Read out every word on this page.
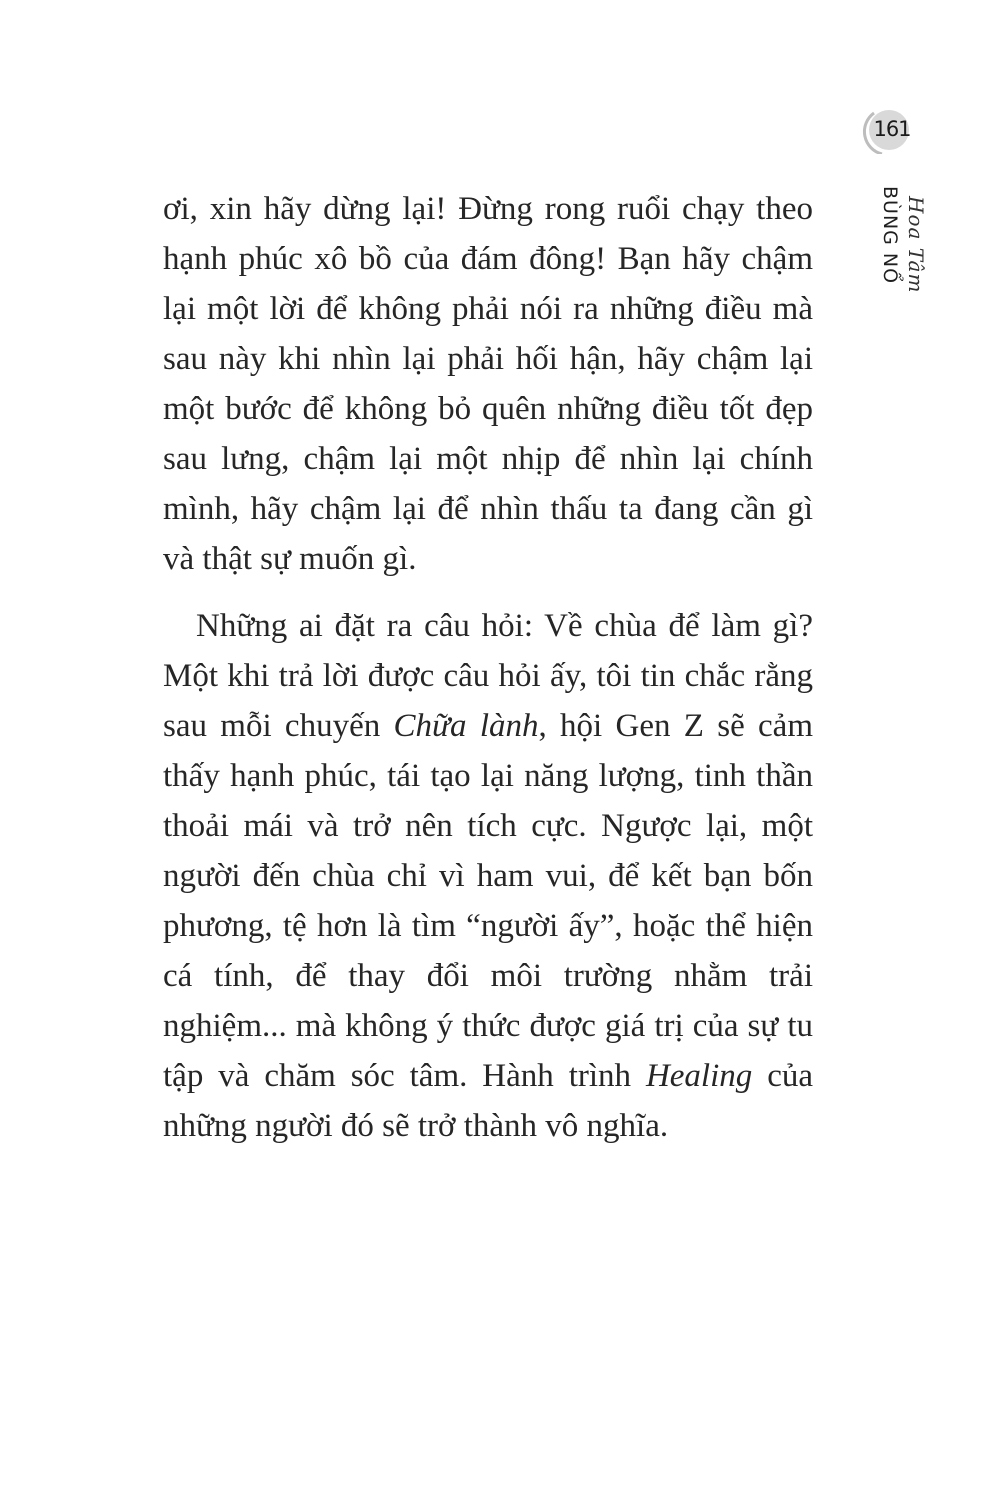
161
Hoa Tâm
BÙNG NỔ

ơi, xin hãy dừng lại! Đừng rong ruổi chạy theo hạnh phúc xô bồ của đám đông! Bạn hãy chậm lại một lời để không phải nói ra những điều mà sau này khi nhìn lại phải hối hận, hãy chậm lại một bước để không bỏ quên những điều tốt đẹp sau lưng, chậm lại một nhịp để nhìn lại chính mình, hãy chậm lại để nhìn thấu ta đang cần gì và thật sự muốn gì.

Những ai đặt ra câu hỏi: Về chùa để làm gì? Một khi trả lời được câu hỏi ấy, tôi tin chắc rằng sau mỗi chuyến Chữa lành, hội Gen Z sẽ cảm thấy hạnh phúc, tái tạo lại năng lượng, tinh thần thoải mái và trở nên tích cực. Ngược lại, một người đến chùa chỉ vì ham vui, để kết bạn bốn phương, tệ hơn là tìm “người ấy”, hoặc thể hiện cá tính, để thay đổi môi trường nhằm trải nghiệm... mà không ý thức được giá trị của sự tu tập và chăm sóc tâm. Hành trình Healing của những người đó sẽ trở thành vô nghĩa.
